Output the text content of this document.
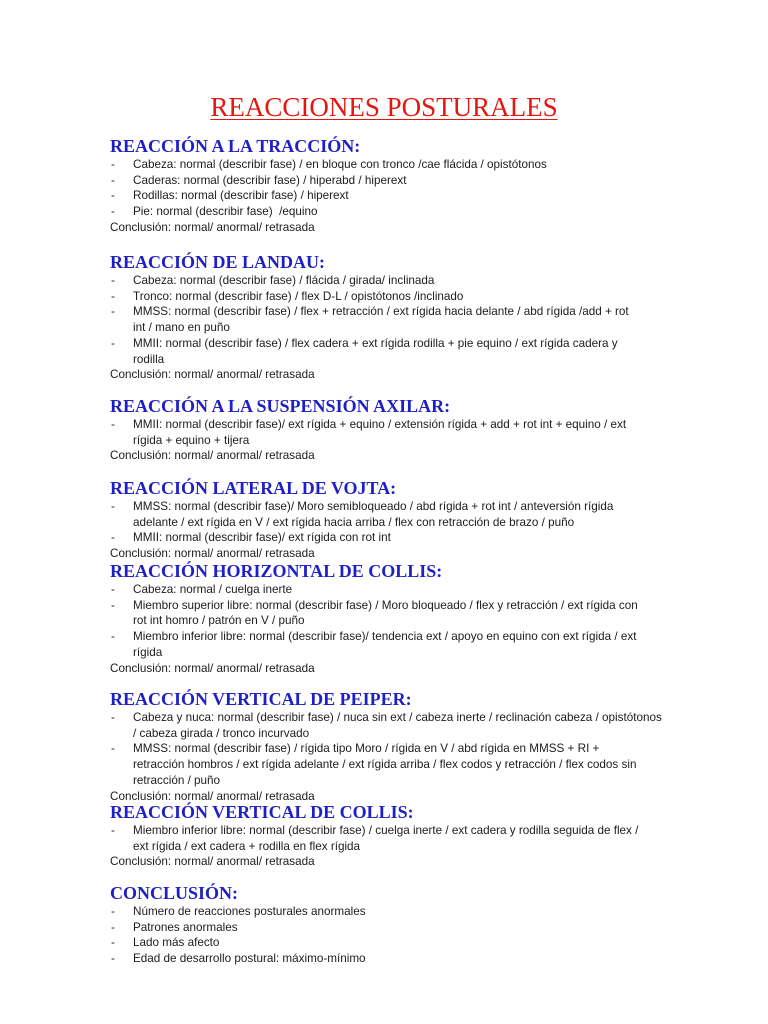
REACCIONES POSTURALES
REACCIÓN A LA TRACCIÓN:
- Cabeza: normal (describir fase) / en bloque con tronco /cae flácida / opistótonos
- Caderas: normal (describir fase) / hiperabd / hiperext
- Rodillas: normal (describir fase) / hiperext
- Pie: normal (describir fase)  /equino

Conclusión: normal/ anormal/ retrasada

REACCIÓN DE LANDAU:
- Cabeza: normal (describir fase) / flácida / girada/ inclinada
- Tronco: normal (describir fase) / flex D-L / opistótonos /inclinado
- MMSS: normal (describir fase) / flex + retracción / ext rígida hacia delante / abd rígida /add + rot
int / mano en puño
- MMII: normal (describir fase) / flex cadera + ext rígida rodilla + pie equino / ext rígida cadera y
rodilla

Conclusión: normal/ anormal/ retrasada

REACCIÓN A LA SUSPENSIÓN AXILAR:
- MMII: normal (describir fase)/ ext rígida + equino / extensión rígida + add + rot int + equino / ext
rígida + equino + tijera

Conclusión: normal/ anormal/ retrasada

REACCIÓN LATERAL DE VOJTA:
- MMSS: normal (describir fase)/ Moro semibloqueado / abd rígida + rot int / anteversión rígida
adelante / ext rígida en V / ext rígida hacia arriba / flex con retracción de brazo / puño
- MMII: normal (describir fase)/ ext rígida con rot int

Conclusión: normal/ anormal/ retrasada

REACCIÓN HORIZONTAL DE COLLIS:
- Cabeza: normal / cuelga inerte
- Miembro superior libre: normal (describir fase) / Moro bloqueado / flex y retracción / ext rígida con
rot int homro / patrón en V / puño
- Miembro inferior libre: normal (describir fase)/ tendencia ext / apoyo en equino con ext rígida / ext
rígida

Conclusión: normal/ anormal/ retrasada

REACCIÓN VERTICAL DE PEIPER:
- Cabeza y nuca: normal (describir fase) / nuca sin ext / cabeza inerte / reclinación cabeza / opistótonos
/ cabeza girada / tronco incurvado
- MMSS: normal (describir fase) / rígida tipo Moro / rígida en V / abd rígida en MMSS + RI +
retracción hombros / ext rígida adelante / ext rígida arriba / flex codos y retracción / flex codos sin
retracción / puño

Conclusión: normal/ anormal/ retrasada

REACCIÓN VERTICAL DE COLLIS:
- Miembro inferior libre: normal (describir fase) / cuelga inerte / ext cadera y rodilla seguida de flex /
ext rígida / ext cadera + rodilla en flex rígida

Conclusión: normal/ anormal/ retrasada

CONCLUSIÓN:
- Número de reacciones posturales anormales
- Patrones anormales
- Lado más afecto
- Edad de desarrollo postural: máximo-mínimo
